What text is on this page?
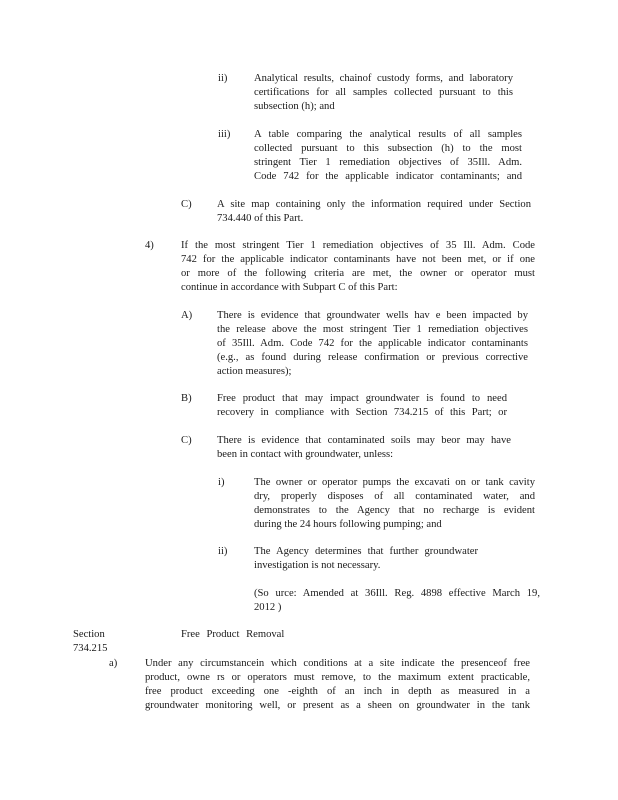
ii)	Analytical results, chainof custody forms, and laboratory

certifications for all samples collected pursuant to this

subsection (h); and

iii) A table comparing the analytical results of all samples

collected pursuant to this subsection (h) to the most

stringent Tier 1 remediation objectives of 35Ill. Adm.

Code 742 for the applicable indicator contaminants; and

C) A site map containing only the information required under Section

734.440 of this Part.

4)	If the most stringent Tier 1 remediation objectives of 35 Ill. Adm. Code

742 for the applicable indicator contaminants have not been met, or if one

or more of the following criteria are met, the owner or operator must

continue in accordance with Subpart C of this Part:

A) There is evidence that groundwater wells hav e been impacted by

the release above the most stringent Tier 1 remediation objectives

of 35Ill. Adm. Code 742 for the applicable indicator contaminants

(e.g., as found during release confirmation or previous corrective

action measures);

B) Free product that may impact groundwater is found to need

recovery in compliance with Section 734.215 of this Part; or

C) There is evidence that contaminated soils may beor may have

been in contact with groundwater, unless:

i)	The owner or operator pumps the excavati on or tank cavity

dry, properly disposes of all contaminated water, and

demonstrates to the Agency that no recharge is evident

during the 24 hours following pumping; and

ii)	The Agency determines that further groundwater

investigation is not necessary.

(So urce: Amended at 36Ill. Reg. 4898 effective March 19,

2012 )

Section 734.215

Free Product Removal

a)	Under any circumstancein which conditions at a site indicate the presenceof free

product, owne rs or operators must remove, to the maximum extent practicable,

free product exceeding one -eighth of an inch in depth as measured in a

groundwater monitoring well, or present as a sheen on groundwater in the tank
